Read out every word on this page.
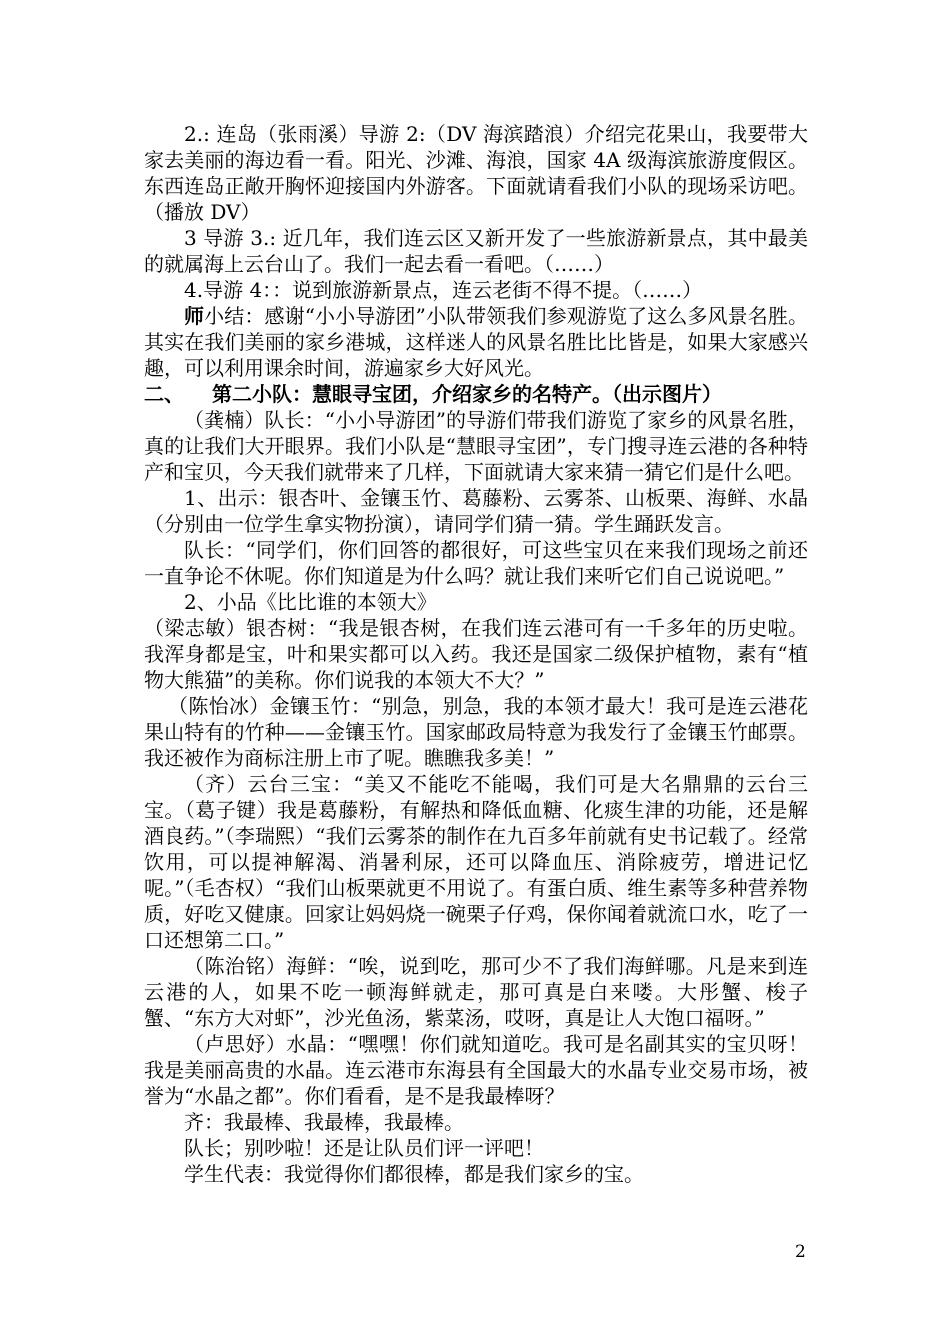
2.: 连岛（张雨溪）导游 2:（DV 海滨踏浪）介绍完花果山，我要带大家去美丽的海边看一看。阳光、沙滩、海浪，国家 4A 级海滨旅游度假区。东西连岛正敞开胸怀迎接国内外游客。下面就请看我们小队的现场采访吧。（播放 DV）

3 导游 3.: 近几年，我们连云区又新开发了一些旅游新景点，其中最美的就属海上云台山了。我们一起去看一看吧。（……）

4.导游 4：：说到旅游新景点，连云老街不得不提。（……）

师小结：感谢“小小导游团”小队带领我们参观游览了这么多风景名胜。其实在我们美丽的家乡港城，这样迷人的风景名胜比比皆是，如果大家感兴趣，可以利用课余时间，游遍家乡大好风光。

二、 第二小队：慧眼寻宝团，介绍家乡的名特产。（出示图片）

（龚楠）队长：“小小导游团”的导游们带我们游览了家乡的风景名胜，真的让我们大开眼界。我们小队是“慧眼寻宝团”，专门搜寻连云港的各种特产和宝贝，今天我们就带来了几样，下面就请大家来猜一猜它们是什么吧。

1、出示：银杏叶、金镶玉竹、葛藤粉、云雾茶、山板栗、海鲜、水晶（分别由一位学生拿实物扮演），请同学们猜一猜。学生踊跃发言。

队长：“同学们，你们回答的都很好，可这些宝贝在来我们现场之前还一直争论不休呢。你们知道是为什么吗？就让我们来听它们自己说说吧。”

2、小品《比比谁的本领大》

（梁志敏）银杏树：“我是银杏树，在我们连云港可有一千多年的历史啦。我浑身都是宝，叶和果实都可以入药。我还是国家二级保护植物，素有“植物大熊猫”的美称。你们说我的本领大不大？”

（陈怡冰）金镶玉竹：“别急，别急，我的本领才最大！我可是连云港花果山特有的竹种——金镶玉竹。国家邮政局特意为我发行了金镶玉竹邮票。我还被作为商标注册上市了呢。瞧瞧我多美！”

（齐）云台三宝：“美又不能吃不能喝，我们可是大名鼎鼎的云台三宝。（葛子键）我是葛藤粉，有解热和降低血糖、化痰生津的功能，还是解酒良药。”（李瑞熙）“我们云雾茶的制作在九百多年前就有史书记载了。经常饮用，可以提神解渴、消暑利尿，还可以降血压、消除疲劳，增进记忆呢。”（毛杏权）“我们山板栗就更不用说了。有蛋白质、维生素等多种营养物质，好吃又健康。回家让妈妈烧一碗栗子仔鸡，保你闻着就流口水，吃了一口还想第二口。”

（陈治铭）海鲜：“唉，说到吃，那可少不了我们海鲜哪。凡是来到连云港的人，如果不吃一顿海鲜就走，那可真是白来喽。大彤蟹、梭子蟹、“东方大对虾”，沙光鱼汤，紫菜汤，哎呀，真是让人大饱口福呀。”

（卢思妤）水晶：“嘿嘿！你们就知道吃。我可是名副其实的宝贝呀！我是美丽高贵的水晶。连云港市东海县有全国最大的水晶专业交易市场，被誉为“水晶之都”。你们看看，是不是我最棒呀？

齐：我最棒、我最棒，我最棒。

队长；别吵啦！还是让队员们评一评吧！

学生代表：我觉得你们都很棒，都是我们家乡的宝。

2
